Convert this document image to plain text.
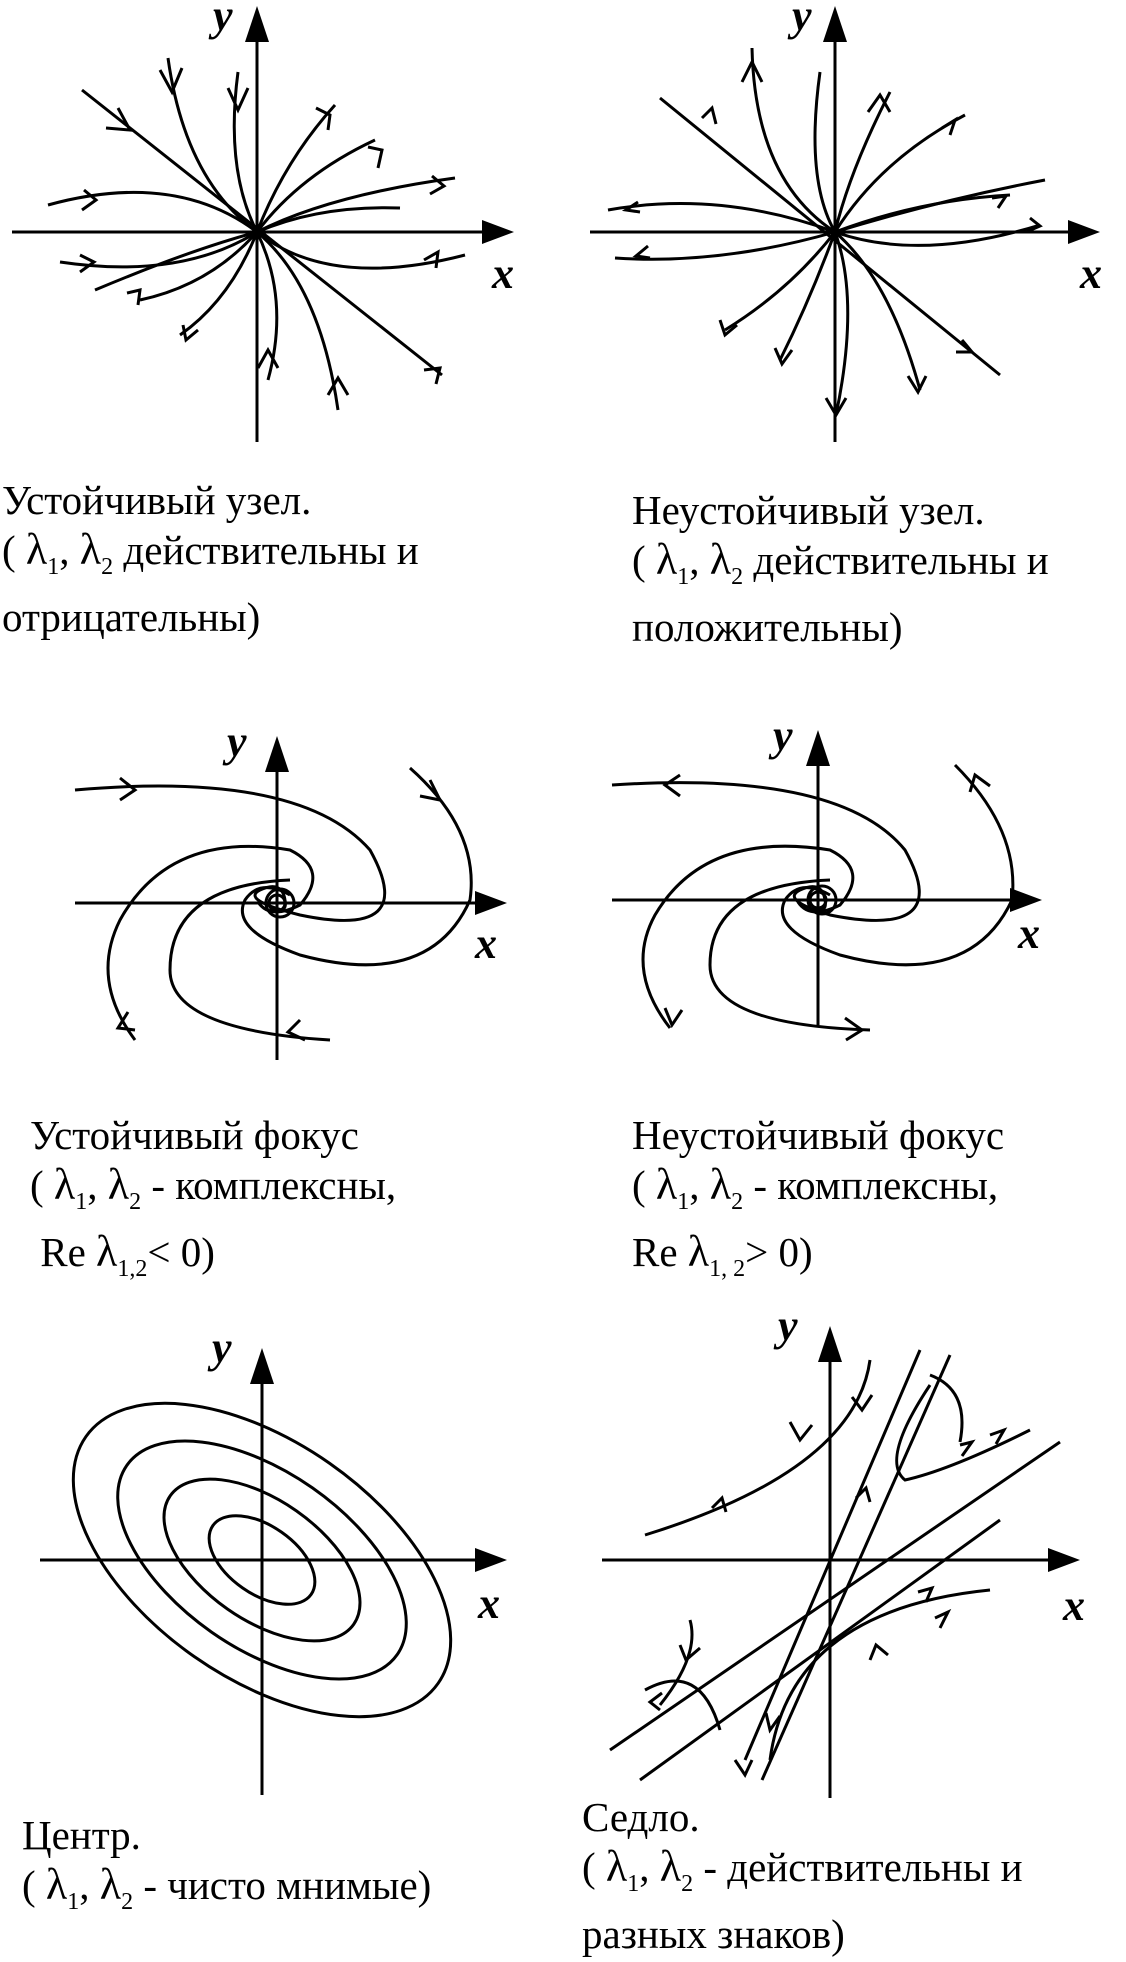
x
y
x
y
x
y
x
y
x
y
x
y
Устойчивый узел.
( $\lambda_1$, $\lambda_2$ действительны и
отрицательны)
Неустойчивый узел.
( $\lambda_1$, $\lambda_2$ действительны и
положительны)
Устойчивый фокус
( $\lambda_1$, $\lambda_2$ - комплексны,
Re $\lambda_{1,2}< 0$)
Неустойчивый фокус
( $\lambda_1$, $\lambda_2$ - комплексны,
Re $\lambda_{1, 2}> 0$)
Центр.
( $\lambda_1$, $\lambda_2$ - чисто мнимые)
Седло.
( $\lambda_1$, $\lambda_2$ - действительны и
разных знаков)
